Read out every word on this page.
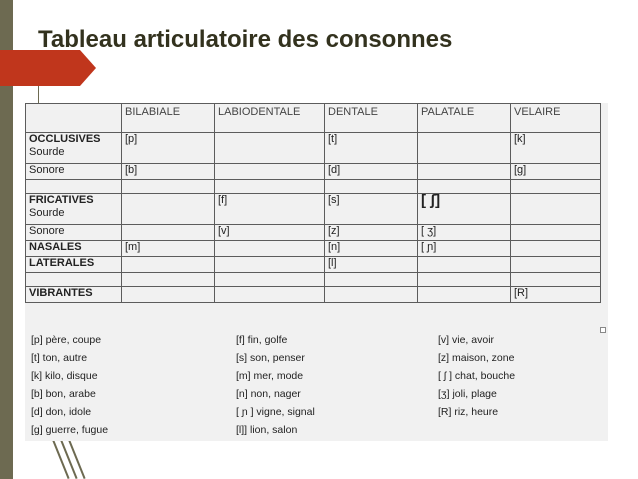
Tableau articulatoire des consonnes
	BILABIALE	LABIODENTALE	DENTALE	PALATALE	VELAIRE
OCCLUSIVES
Sourde	[p]		[t]		[k]
Sonore	[b]		[d]		[g]

FRICATIVES
Sourde		[f]	[s]	[ ʃ]	
Sonore		[v]	[z]	[ ʒ]	
NASALES	[m]		[n]	[ ɲ]	
LATERALES			[l]		

VIBRANTES					[R]
[p] père, coupe
[t] ton, autre
[k] kilo, disque
[b] bon, arabe
[d] don, idole
[g] guerre, fugue
[f] fin, golfe
[s] son, penser
[m] mer, mode
[n] non, nager
[ ɲ ] vigne, signal
[l]] lion, salon
[v] vie, avoir
[z] maison, zone
[ ʃ ] chat, bouche
[ʒ] joli, plage
[R] riz, heure
